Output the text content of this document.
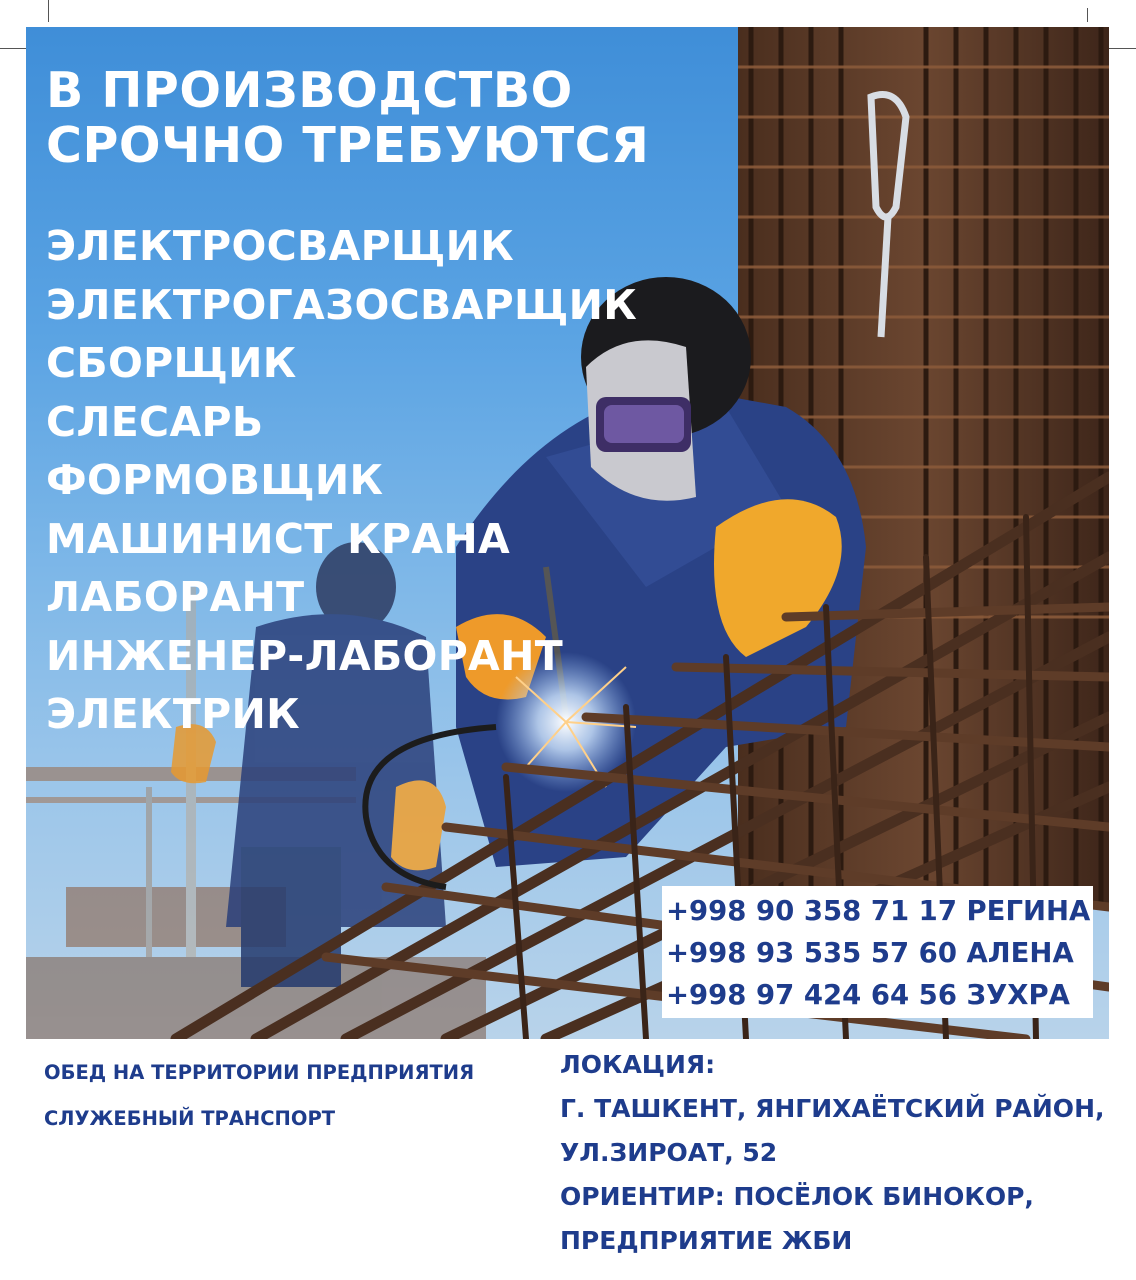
В ПРОИЗВОДСТВО
СРОЧНО ТРЕБУЮТСЯ
ЭЛЕКТРОСВАРЩИК
ЭЛЕКТРОГАЗОСВАРЩИК
СБОРЩИК
СЛЕСАРЬ
ФОРМОВЩИК
МАШИНИСТ КРАНА
ЛАБОРАНТ
ИНЖЕНЕР-ЛАБОРАНТ
ЭЛЕКТРИК
+998 90 358 71 17 РЕГИНА
+998 93 535 57 60 АЛЕНА
+998 97 424 64 56 ЗУХРА
ОБЕД НА ТЕРРИТОРИИ ПРЕДПРИЯТИЯ
СЛУЖЕБНЫЙ ТРАНСПОРТ
ЛОКАЦИЯ:
Г. ТАШКЕНТ, ЯНГИХАЁТСКИЙ РАЙОН,
УЛ.ЗИРОАТ, 52
ОРИЕНТИР: ПОСЁЛОК БИНОКОР,
ПРЕДПРИЯТИЕ ЖБИ
